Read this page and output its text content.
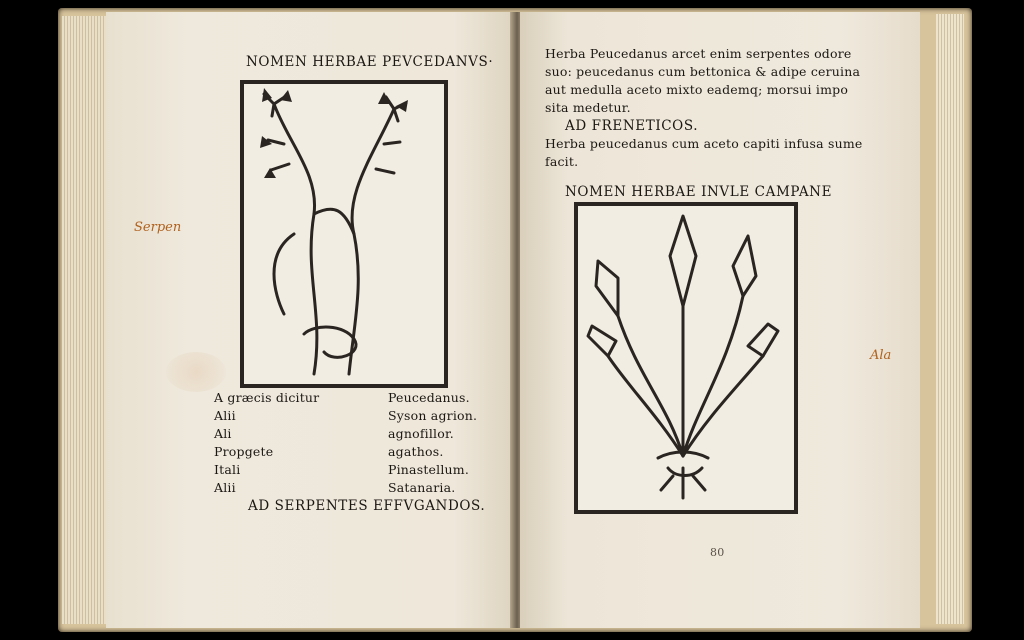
NOMEN HERBAE PEVCEDANVS·
A græcis dicitur	Peucedanus.
Alii	Syson agrion.
Ali	agnofillor.
Propgete	agathos.
Itali	Pinastellum.
Alii	Satanaria.
AD SERPENTES EFFVGANDOS.
Serpen
Herba Peucedanus arcet enim serpentes odore
suo: peucedanus cum bettonica & adipe ceruina
aut medulla aceto mixto eademq; morsui impo
sita medetur.
AD FRENETICOS.
Herba peucedanus cum aceto capiti infusa sume
facit.
NOMEN HERBAE INVLE CAMPANE
80
Ala
